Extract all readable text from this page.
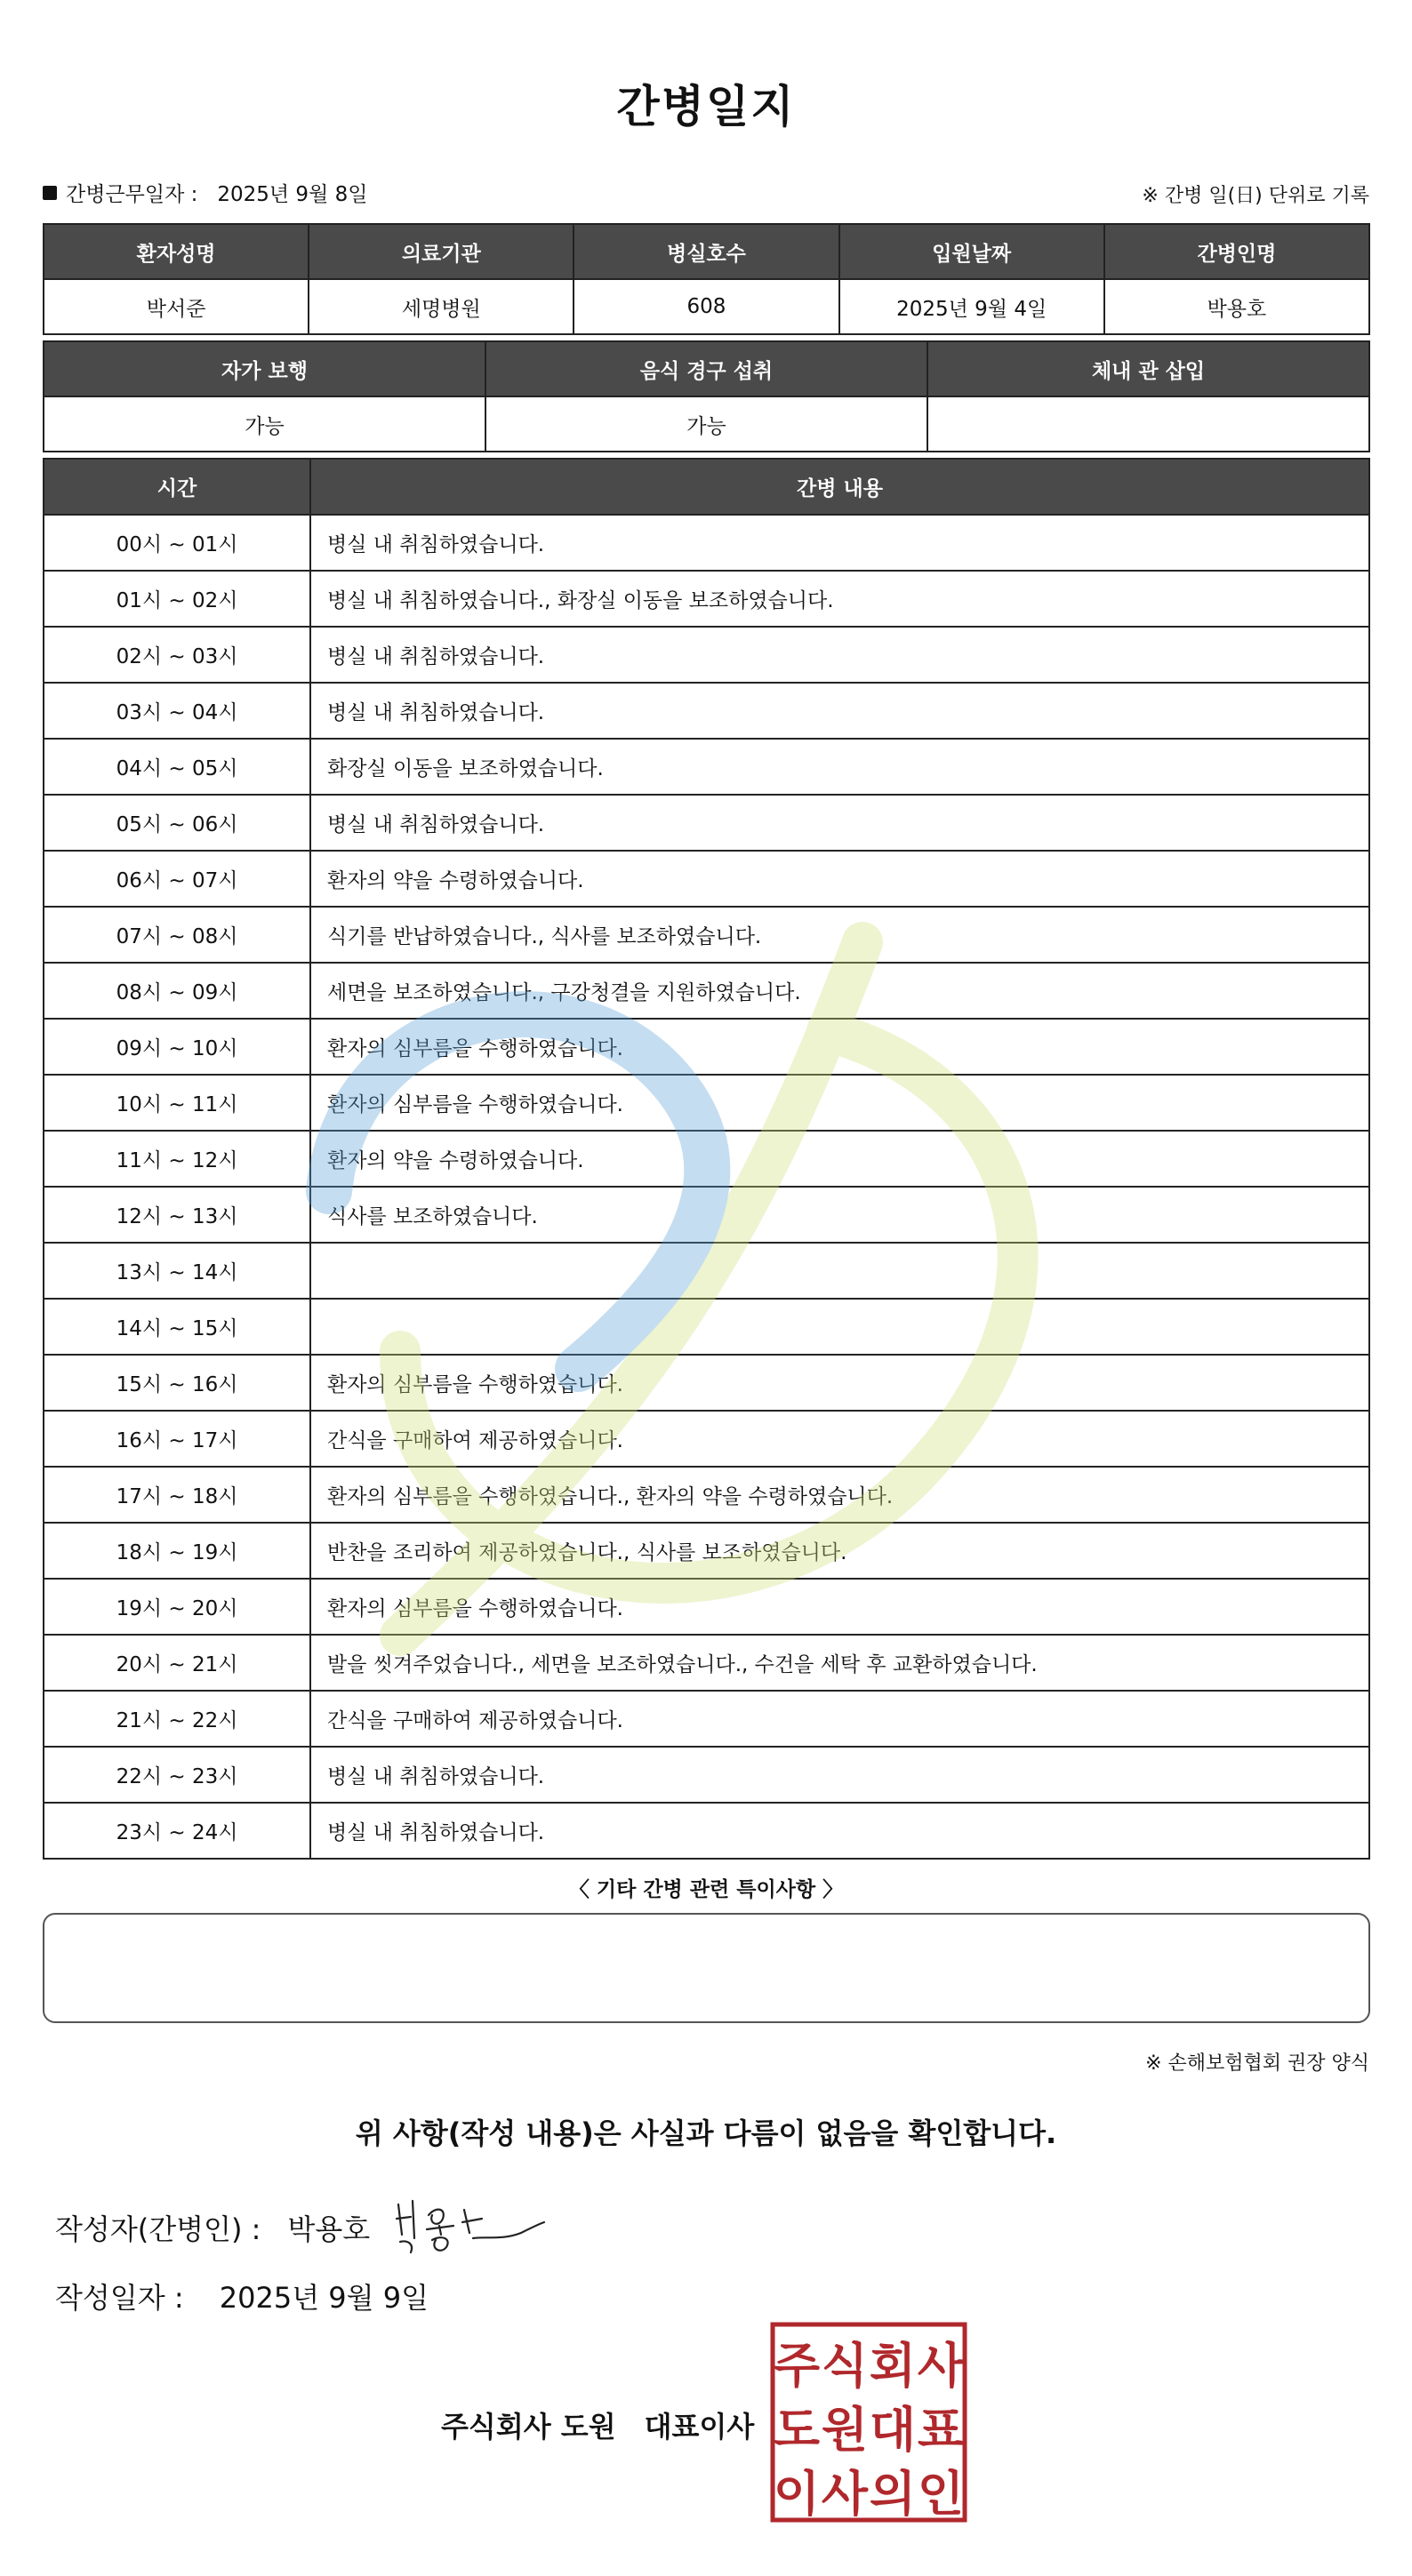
간병일지
간병근무일자 : 2025년 9월 8일	※ 간병 일(日) 단위로 기록
환자성명	의료기관	병실호수	입원날짜	간병인명
박서준	세명병원	608	2025년 9월 4일	박용호
자가 보행	음식 경구 섭취	체내 관 삽입
가능	가능	
시간	간병 내용
00시 ~ 01시	병실 내 취침하였습니다.
01시 ~ 02시	병실 내 취침하였습니다., 화장실 이동을 보조하였습니다.
02시 ~ 03시	병실 내 취침하였습니다.
03시 ~ 04시	병실 내 취침하였습니다.
04시 ~ 05시	화장실 이동을 보조하였습니다.
05시 ~ 06시	병실 내 취침하였습니다.
06시 ~ 07시	환자의 약을 수령하였습니다.
07시 ~ 08시	식기를 반납하였습니다., 식사를 보조하였습니다.
08시 ~ 09시	세면을 보조하였습니다., 구강청결을 지원하였습니다.
09시 ~ 10시	환자의 심부름을 수행하였습니다.
10시 ~ 11시	환자의 심부름을 수행하였습니다.
11시 ~ 12시	환자의 약을 수령하였습니다.
12시 ~ 13시	식사를 보조하였습니다.
13시 ~ 14시	
14시 ~ 15시	
15시 ~ 16시	환자의 심부름을 수행하였습니다.
16시 ~ 17시	간식을 구매하여 제공하였습니다.
17시 ~ 18시	환자의 심부름을 수행하였습니다., 환자의 약을 수령하였습니다.
18시 ~ 19시	반찬을 조리하여 제공하였습니다., 식사를 보조하였습니다.
19시 ~ 20시	환자의 심부름을 수행하였습니다.
20시 ~ 21시	발을 씻겨주었습니다., 세면을 보조하였습니다., 수건을 세탁 후 교환하였습니다.
21시 ~ 22시	간식을 구매하여 제공하였습니다.
22시 ~ 23시	병실 내 취침하였습니다.
23시 ~ 24시	병실 내 취침하였습니다.
〈 기타 간병 관련 특이사항 〉
※ 손해보험협회 권장 양식
위 사항(작성 내용)은 사실과 다름이 없음을 확인합니다.
작성자(간병인) : 박용호
작성일자 : 2025년 9월 9일
주식회사 도원 대표이사
주 식 회 사
도 원 대 표
이 사 의 인
